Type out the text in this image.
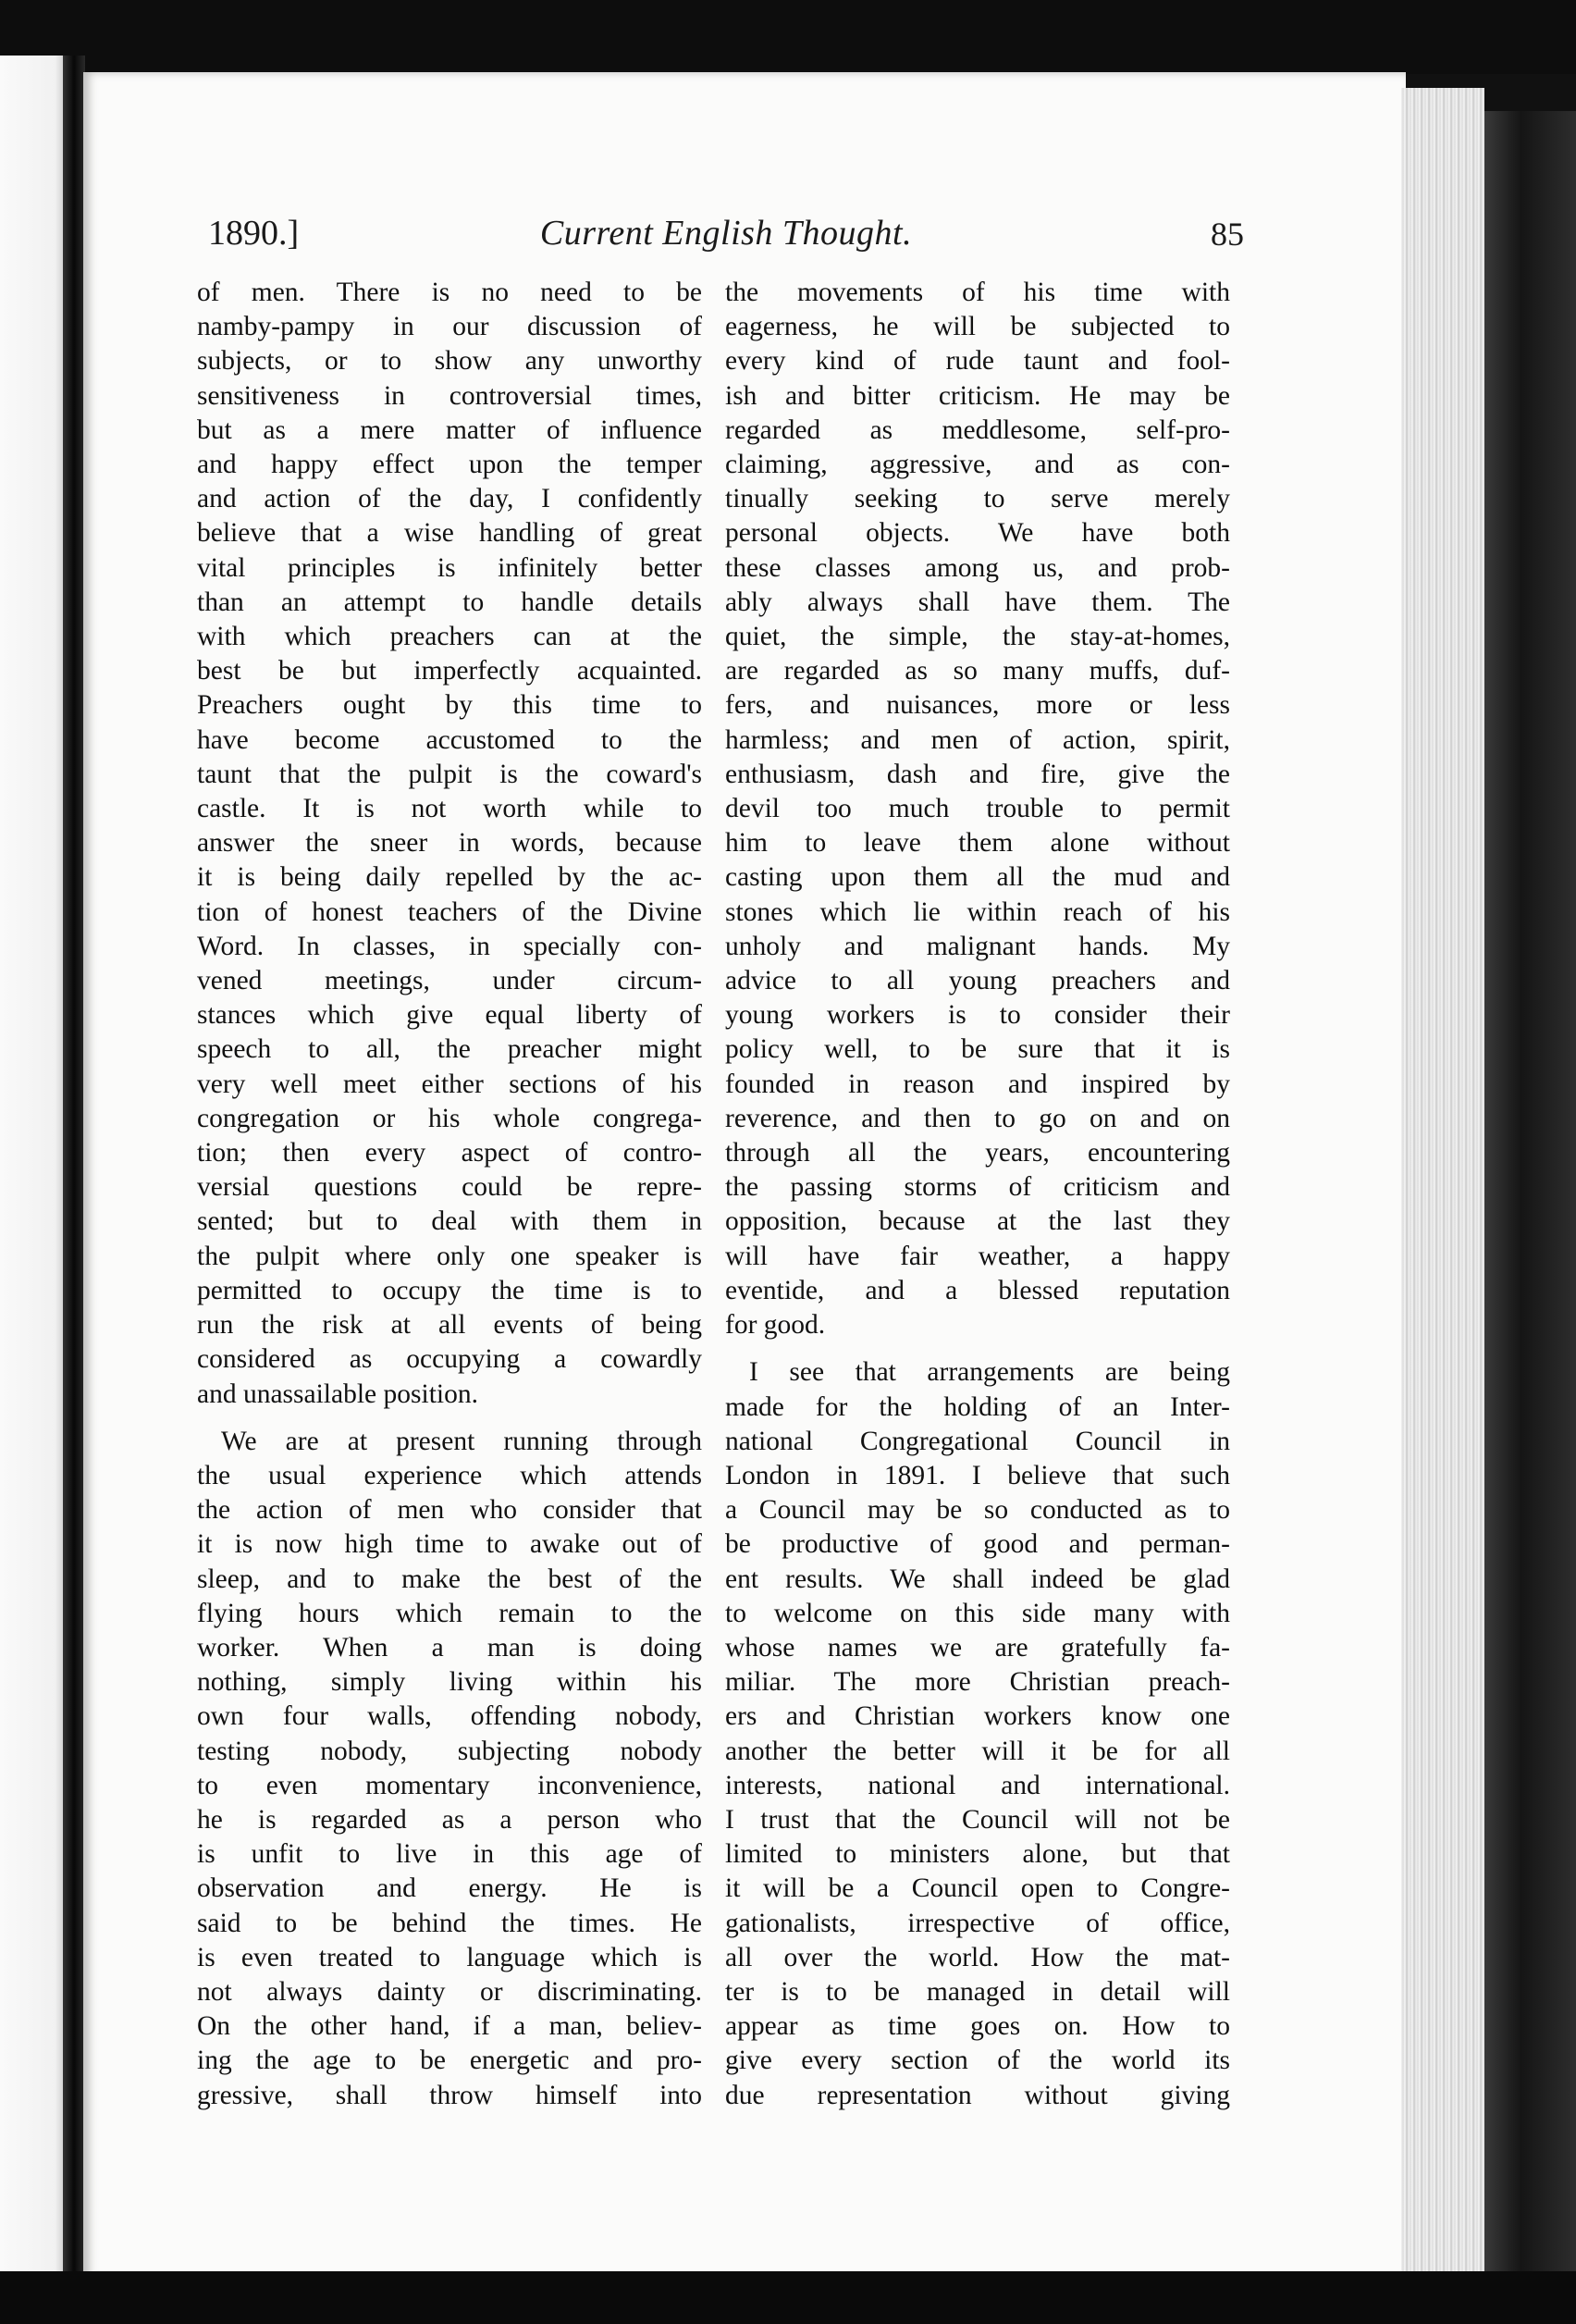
1890.]	Current English Thought.	85
of men. There is no need to be
namby-pampy in our discussion of
subjects, or to show any unworthy
sensitiveness in controversial times,
but as a mere matter of influence
and happy effect upon the temper
and action of the day, I confidently
believe that a wise handling of great
vital principles is infinitely better
than an attempt to handle details
with which preachers can at the
best be but imperfectly acquainted.
Preachers ought by this time to
have become accustomed to the
taunt that the pulpit is the coward's
castle. It is not worth while to
answer the sneer in words, because
it is being daily repelled by the ac-
tion of honest teachers of the Divine
Word. In classes, in specially con-
vened meetings, under circum-
stances which give equal liberty of
speech to all, the preacher might
very well meet either sections of his
congregation or his whole congrega-
tion; then every aspect of contro-
versial questions could be repre-
sented; but to deal with them in
the pulpit where only one speaker is
permitted to occupy the time is to
run the risk at all events of being
considered as occupying a cowardly
and unassailable position.
We are at present running through
the usual experience which attends
the action of men who consider that
it is now high time to awake out of
sleep, and to make the best of the
flying hours which remain to the
worker. When a man is doing
nothing, simply living within his
own four walls, offending nobody,
testing nobody, subjecting nobody
to even momentary inconvenience,
he is regarded as a person who
is unfit to live in this age of
observation and energy. He is
said to be behind the times. He
is even treated to language which is
not always dainty or discriminating.
On the other hand, if a man, believ-
ing the age to be energetic and pro-
gressive, shall throw himself into
the movements of his time with
eagerness, he will be subjected to
every kind of rude taunt and fool-
ish and bitter criticism. He may be
regarded as meddlesome, self-pro-
claiming, aggressive, and as con-
tinually seeking to serve merely
personal objects. We have both
these classes among us, and prob-
ably always shall have them. The
quiet, the simple, the stay-at-homes,
are regarded as so many muffs, duf-
fers, and nuisances, more or less
harmless; and men of action, spirit,
enthusiasm, dash and fire, give the
devil too much trouble to permit
him to leave them alone without
casting upon them all the mud and
stones which lie within reach of his
unholy and malignant hands. My
advice to all young preachers and
young workers is to consider their
policy well, to be sure that it is
founded in reason and inspired by
reverence, and then to go on and on
through all the years, encountering
the passing storms of criticism and
opposition, because at the last they
will have fair weather, a happy
eventide, and a blessed reputation
for good.
I see that arrangements are being
made for the holding of an Inter-
national Congregational Council in
London in 1891. I believe that such
a Council may be so conducted as to
be productive of good and perman-
ent results. We shall indeed be glad
to welcome on this side many with
whose names we are gratefully fa-
miliar. The more Christian preach-
ers and Christian workers know one
another the better will it be for all
interests, national and international.
I trust that the Council will not be
limited to ministers alone, but that
it will be a Council open to Congre-
gationalists, irrespective of office,
all over the world. How the mat-
ter is to be managed in detail will
appear as time goes on. How to
give every section of the world its
due representation without giving
